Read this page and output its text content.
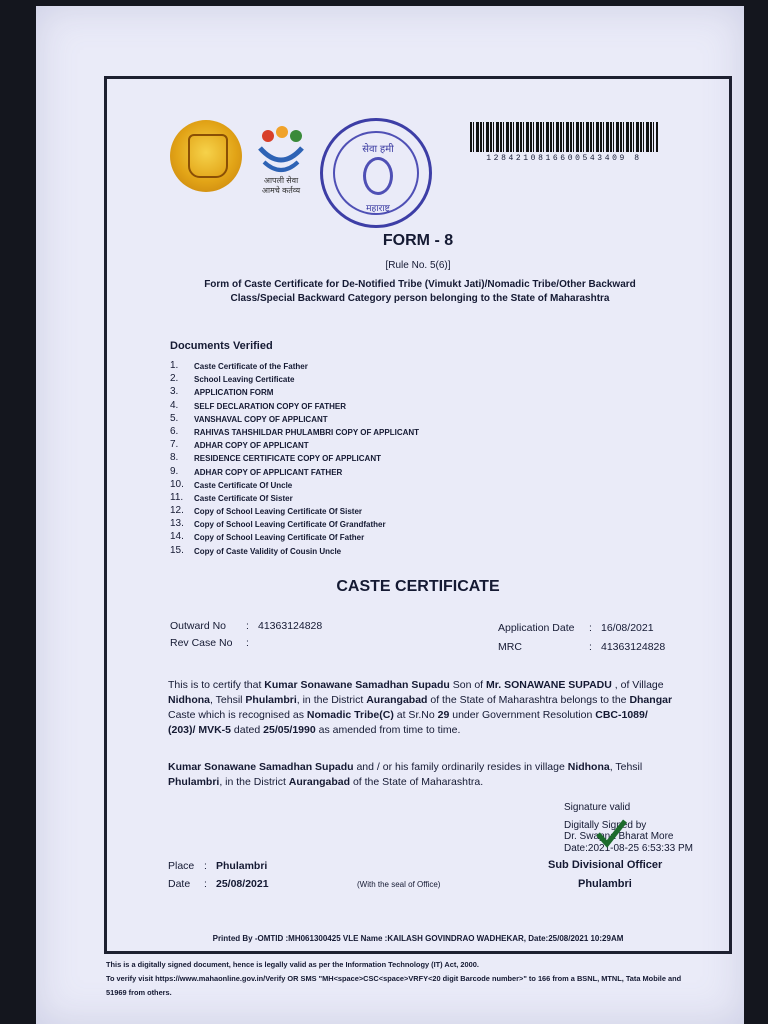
आपली सेवा
आमचे कर्तव्य
सेवा हमी
महाराष्ट्र
1284210816600543409 8
FORM - 8
[Rule No. 5(6)]
Form of Caste Certificate for De-Notified Tribe (Vimukt Jati)/Nomadic Tribe/Other Backward
Class/Special Backward Category person belonging to the State of Maharashtra
Documents Verified
1.	Caste Certificate of the Father
2.	School Leaving Certificate
3.	APPLICATION FORM
4.	SELF DECLARATION COPY OF FATHER
5.	VANSHAVAL COPY OF APPLICANT
6.	RAHIVAS TAHSHILDAR PHULAMBRI COPY OF APPLICANT
7.	ADHAR COPY OF APPLICANT
8.	RESIDENCE CERTIFICATE COPY OF APPLICANT
9.	ADHAR COPY OF APPLICANT FATHER
10.	Caste Certificate Of Uncle
11.	Caste Certificate Of Sister
12.	Copy of School Leaving Certificate Of Sister
13.	Copy of School Leaving Certificate Of Grandfather
14.	Copy of School Leaving Certificate Of Father
15.	Copy of Caste Validity of Cousin Uncle
CASTE CERTIFICATE
Outward No : 41363124828
Rev Case No :
Application Date : 16/08/2021
MRC	: 41363124828
This is to certify that Kumar Sonawane Samadhan Supadu Son of Mr. SONAWANE SUPADU , of Village Nidhona, Tehsil Phulambri, in the District Aurangabad of the State of Maharashtra belongs to the Dhangar Caste which is recognised as Nomadic Tribe(C) at Sr.No 29 under Government Resolution CBC-1089/ (203)/ MVK-5 dated 25/05/1990 as amended from time to time.
Kumar Sonawane Samadhan Supadu and / or his family ordinarily resides in village Nidhona, Tehsil Phulambri, in the District Aurangabad of the State of Maharashtra.
Signature valid
Digitally Signed by
Dr. Swapna Bharat More
Date:2021-08-25 6:53:33 PM
Sub Divisional Officer
Phulambri
Place : Phulambri
Date : 25/08/2021	(With the seal of Office)
Printed By -OMTID :MH061300425 VLE Name :KAILASH GOVINDRAO WADHEKAR, Date:25/08/2021 10:29AM
This is a digitally signed document, hence is legally valid as per the Information Technology (IT) Act, 2000.
To verify visit https://www.mahaonline.gov.in/Verify OR SMS "MH<space>CSC<space>VRFY<20 digit Barcode number>" to 166 from a BSNL, MTNL, Tata Mobile and
51969 from others.
